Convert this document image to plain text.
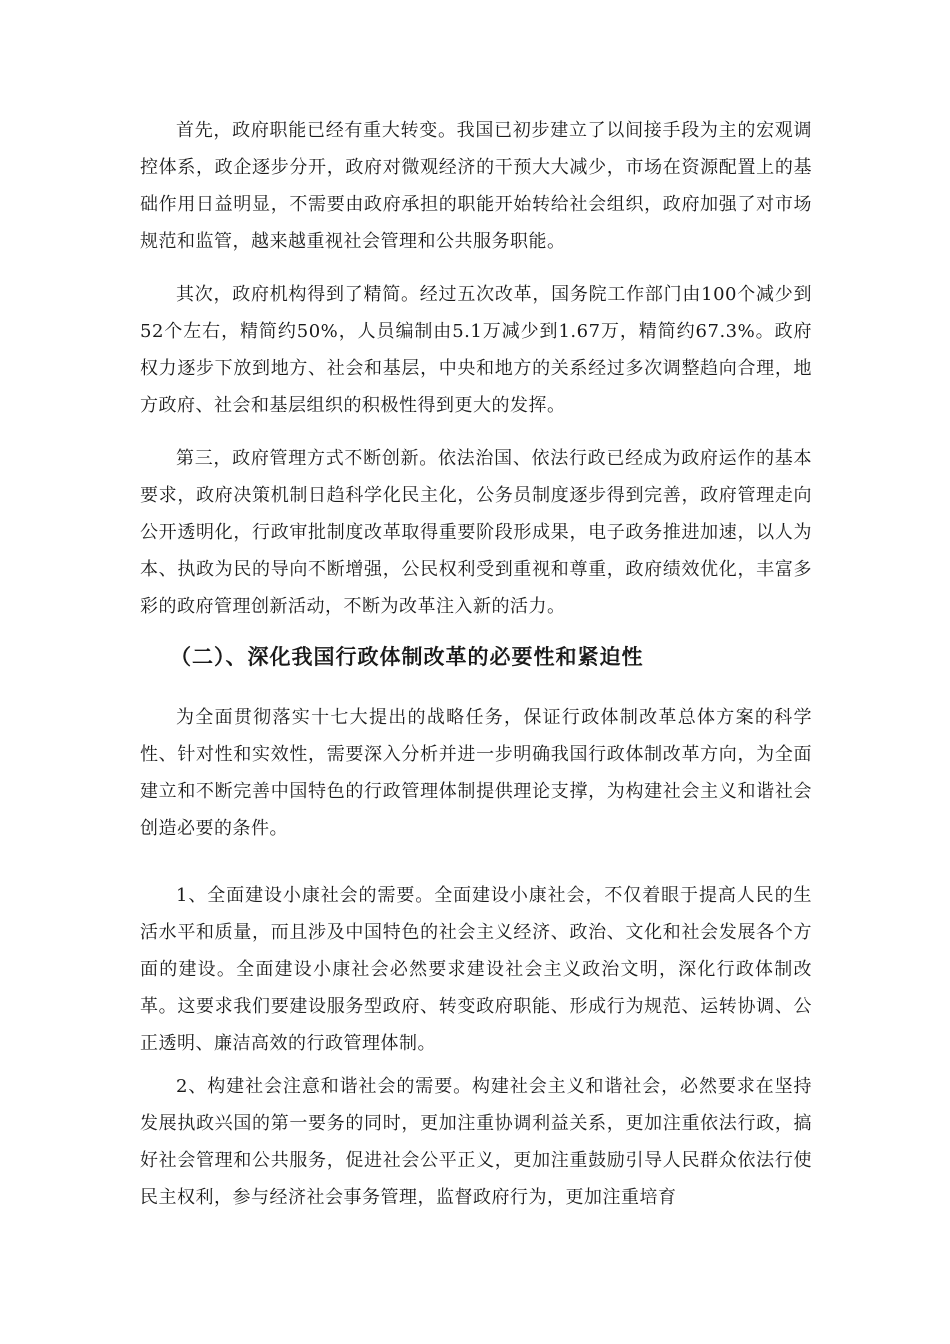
首先，政府职能已经有重大转变。我国已初步建立了以间接手段为主的宏观调控体系，政企逐步分开，政府对微观经济的干预大大减少，市场在资源配置上的基础作用日益明显，不需要由政府承担的职能开始转给社会组织，政府加强了对市场规范和监管，越来越重视社会管理和公共服务职能。

其次，政府机构得到了精简。经过五次改革，国务院工作部门由100个减少到52个左右，精简约50%，人员编制由5.1万减少到1.67万，精简约67.3%。政府权力逐步下放到地方、社会和基层，中央和地方的关系经过多次调整趋向合理，地方政府、社会和基层组织的积极性得到更大的发挥。

第三，政府管理方式不断创新。依法治国、依法行政已经成为政府运作的基本要求，政府决策机制日趋科学化民主化，公务员制度逐步得到完善，政府管理走向公开透明化，行政审批制度改革取得重要阶段形成果，电子政务推进加速，以人为本、执政为民的导向不断增强，公民权利受到重视和尊重，政府绩效优化，丰富多彩的政府管理创新活动，不断为改革注入新的活力。

（二）、深化我国行政体制改革的必要性和紧迫性

为全面贯彻落实十七大提出的战略任务，保证行政体制改革总体方案的科学性、针对性和实效性，需要深入分析并进一步明确我国行政体制改革方向，为全面建立和不断完善中国特色的行政管理体制提供理论支撑，为构建社会主义和谐社会创造必要的条件。

1、全面建设小康社会的需要。全面建设小康社会，不仅着眼于提高人民的生活水平和质量，而且涉及中国特色的社会主义经济、政治、文化和社会发展各个方面的建设。全面建设小康社会必然要求建设社会主义政治文明，深化行政体制改革。这要求我们要建设服务型政府、转变政府职能、形成行为规范、运转协调、公正透明、廉洁高效的行政管理体制。

2、构建社会注意和谐社会的需要。构建社会主义和谐社会，必然要求在坚持发展执政兴国的第一要务的同时，更加注重协调利益关系，更加注重依法行政，搞好社会管理和公共服务，促进社会公平正义，更加注重鼓励引导人民群众依法行使民主权利，参与经济社会事务管理，监督政府行为，更加注重培育
